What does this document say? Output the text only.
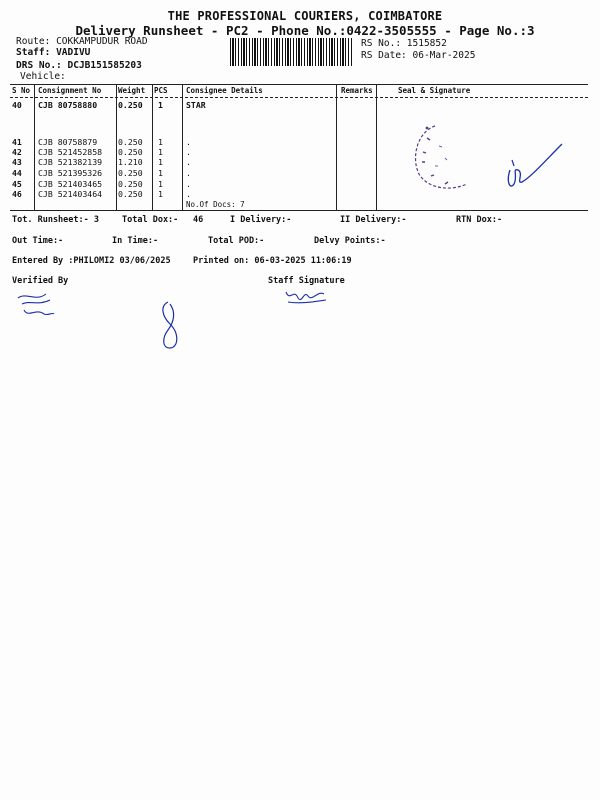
THE PROFESSIONAL COURIERS, COIMBATORE
Delivery Runsheet - PC2 - Phone No.:0422-3505555 - Page No.:3
Route: COKKAMPUDUR ROAD
Staff: VADIVU
DRS No.: DCJB151585203
Vehicle:
RS No.: 1515852
RS Date: 06-Mar-2025
S No Consignment No Weight PCS Consignee Details	Remarks	Seal & Signature
40 CJB 80758880	0.250 1	STAR
41 CJB 80758879	0.250 1	.
42 CJB 521452858 0.250 1	.
43 CJB 521382139 1.210 1	.
44 CJB 521395326 0.250 1	.
45 CJB 521403465 0.250 1	.
46 CJB 521403464 0.250 1	.
No.Of Docs: 7
Tot. Runsheet:- 3	Total Dox:- 46	I Delivery:-	II Delivery:-	RTN Dox:-
Out Time:-	In Time:-	Total POD:-	Delvy Points:-
Entered By :PHILOMI2 03/06/2025	Printed on: 06-03-2025 11:06:19
Verified By	Staff Signature
